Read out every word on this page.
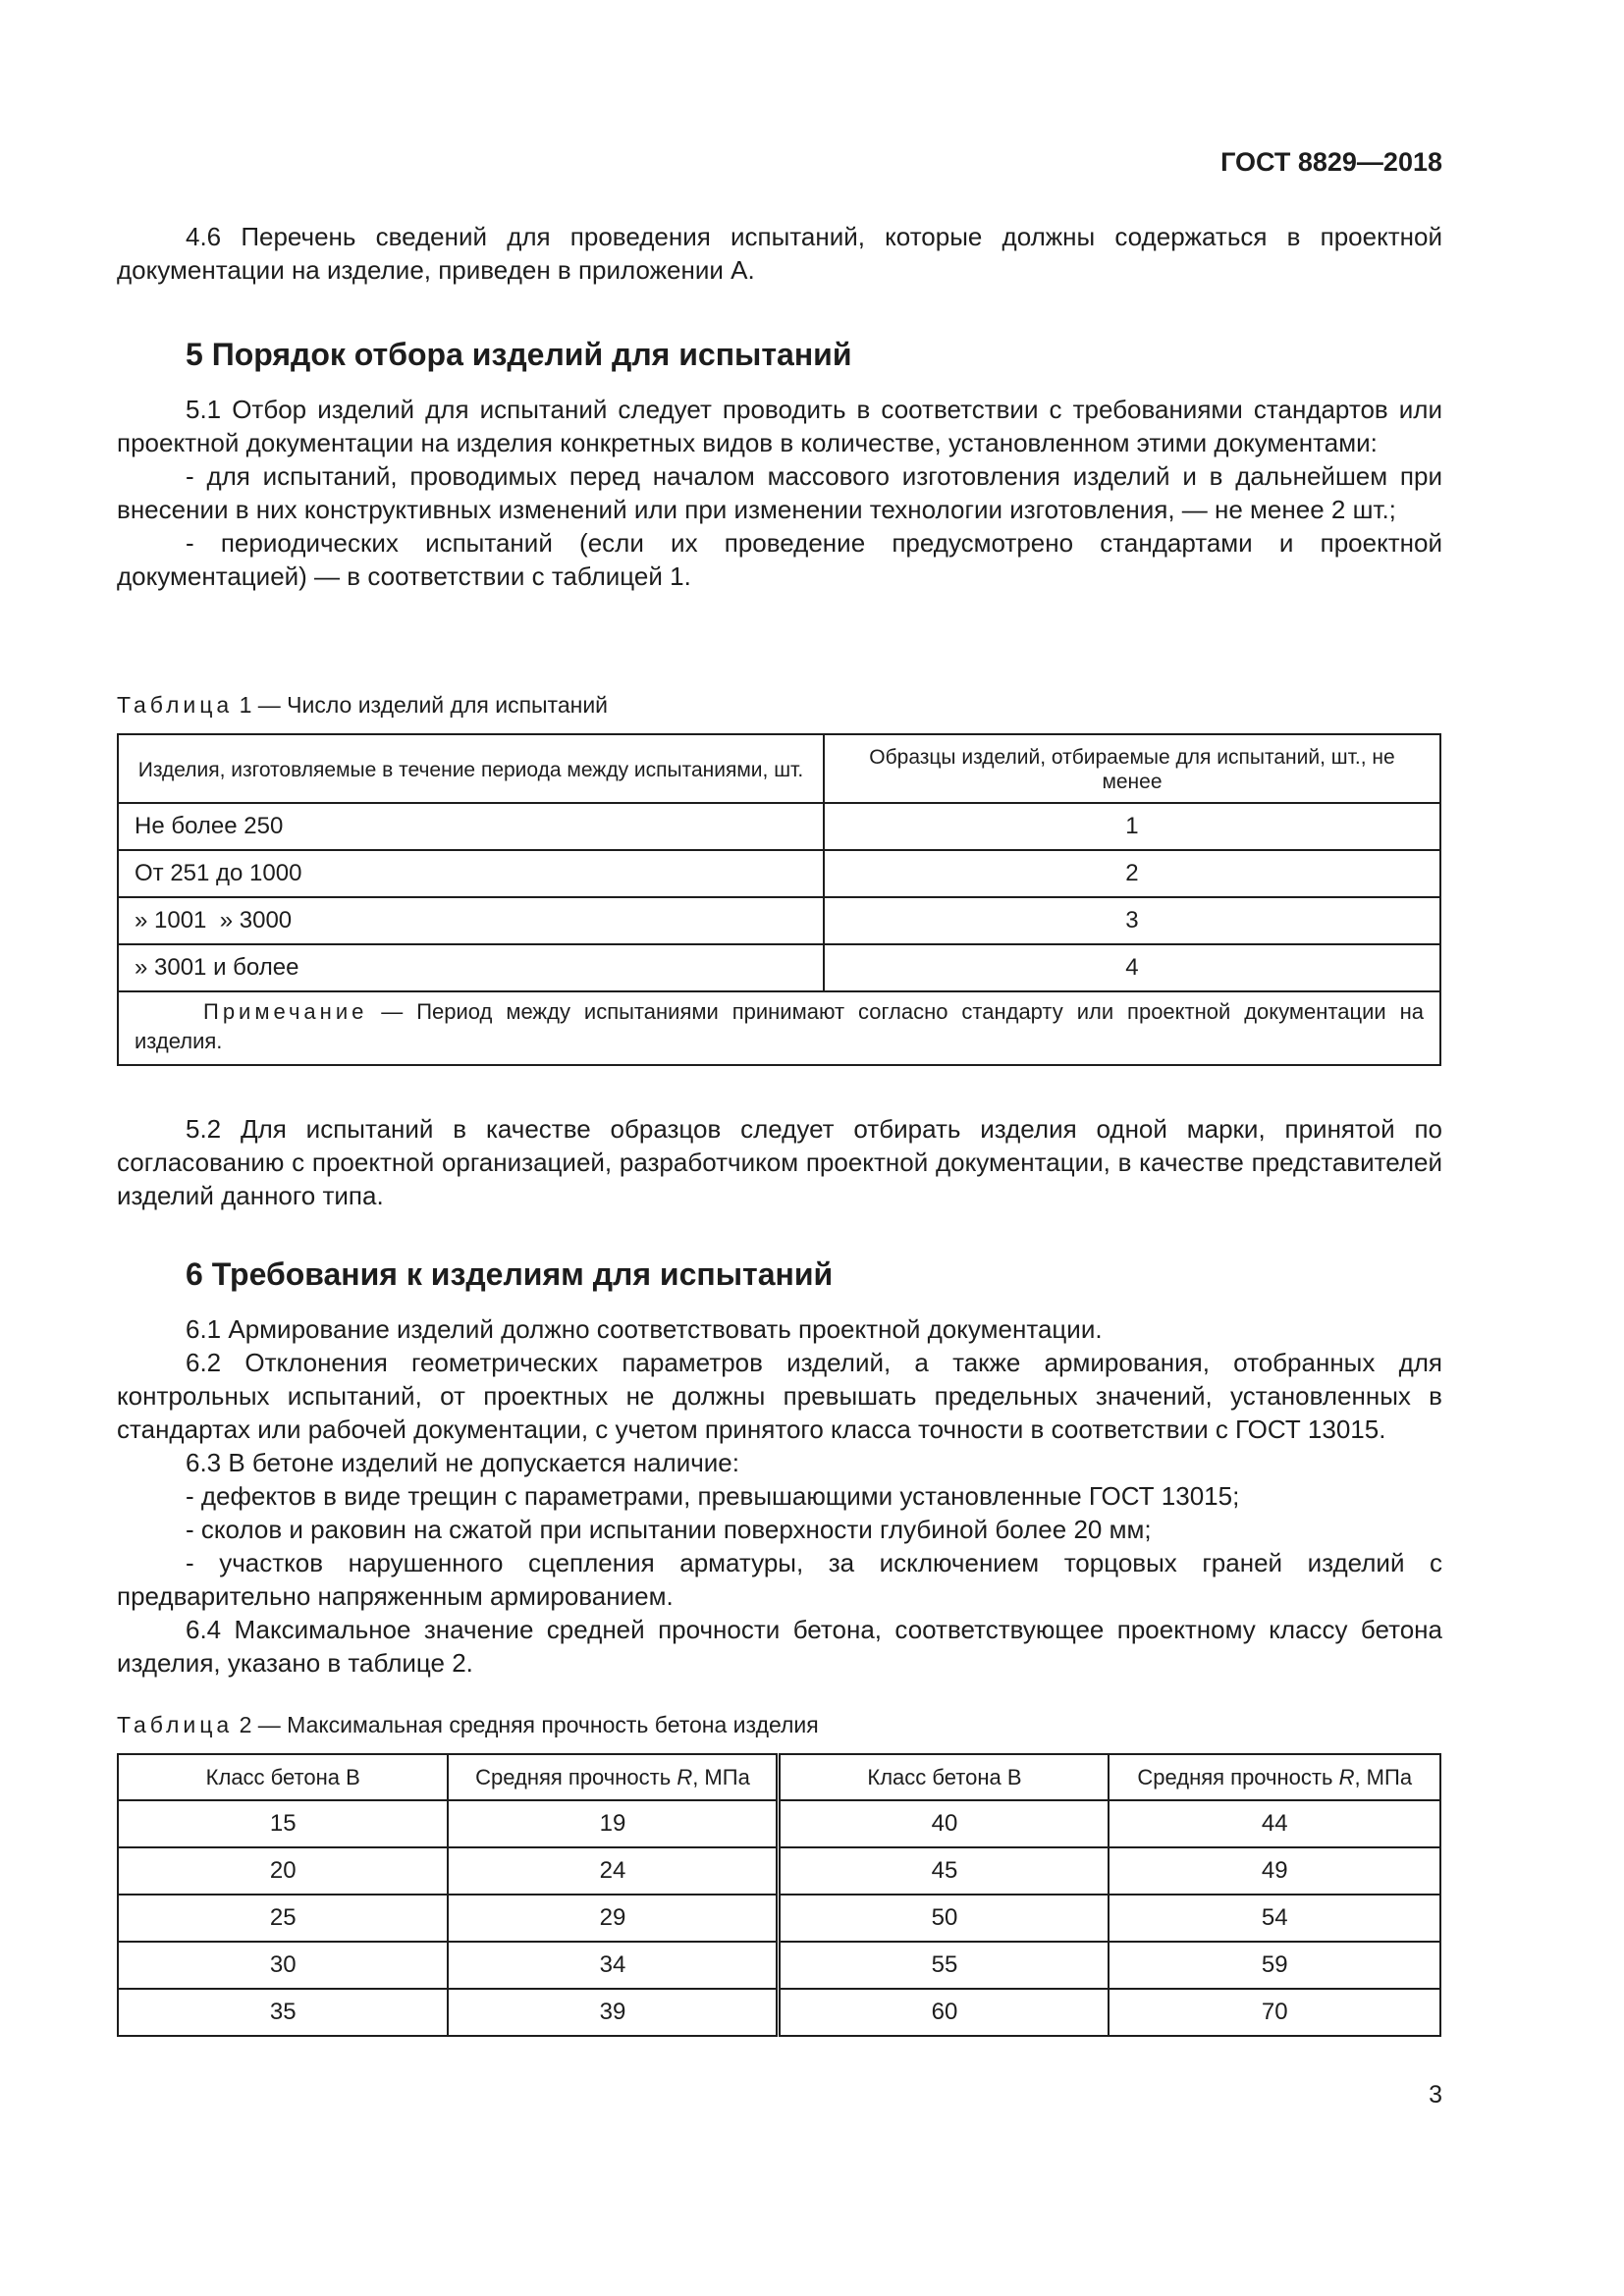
ГОСТ 8829—2018

4.6 Перечень сведений для проведения испытаний, которые должны содержаться в проектной документации на изделие, приведен в приложении А.

5 Порядок отбора изделий для испытаний

5.1 Отбор изделий для испытаний следует проводить в соответствии с требованиями стандартов или проектной документации на изделия конкретных видов в количестве, установленном этими документами:

- для испытаний, проводимых перед началом массового изготовления изделий и в дальнейшем при внесении в них конструктивных изменений или при изменении технологии изготовления, — не менее 2 шт.;

- периодических испытаний (если их проведение предусмотрено стандартами и проектной документацией) — в соответствии с таблицей 1.

Таблица 1 — Число изделий для испытаний

Изделия, изготовляемые в течение периода между испытаниями, шт.	Образцы изделий, отбираемые для испытаний, шт., не менее
Не более 250	1
От 251 до 1000	2
» 1001  » 3000	3
» 3001 и более	4
Примечание — Период между испытаниями принимают согласно стандарту или проектной документации на изделия.	

5.2 Для испытаний в качестве образцов следует отбирать изделия одной марки, принятой по согласованию с проектной организацией, разработчиком проектной документации, в качестве представителей изделий данного типа.

6 Требования к изделиям для испытаний

6.1 Армирование изделий должно соответствовать проектной документации.

6.2 Отклонения геометрических параметров изделий, а также армирования, отобранных для контрольных испытаний, от проектных не должны превышать предельных значений, установленных в стандартах или рабочей документации, с учетом принятого класса точности в соответствии с ГОСТ 13015.

6.3 В бетоне изделий не допускается наличие:

- дефектов в виде трещин с параметрами, превышающими установленные ГОСТ 13015;

- сколов и раковин на сжатой при испытании поверхности глубиной более 20 мм;

- участков нарушенного сцепления арматуры, за исключением торцовых граней изделий с предварительно напряженным армированием.

6.4 Максимальное значение средней прочности бетона, соответствующее проектному классу бетона изделия, указано в таблице 2.

Таблица 2 — Максимальная средняя прочность бетона изделия

Класс бетона В	Средняя прочность R, МПа	Класс бетона В	Средняя прочность R, МПа
15	19	40	44
20	24	45	49
25	29	50	54
30	34	55	59
35	39	60	70
3
